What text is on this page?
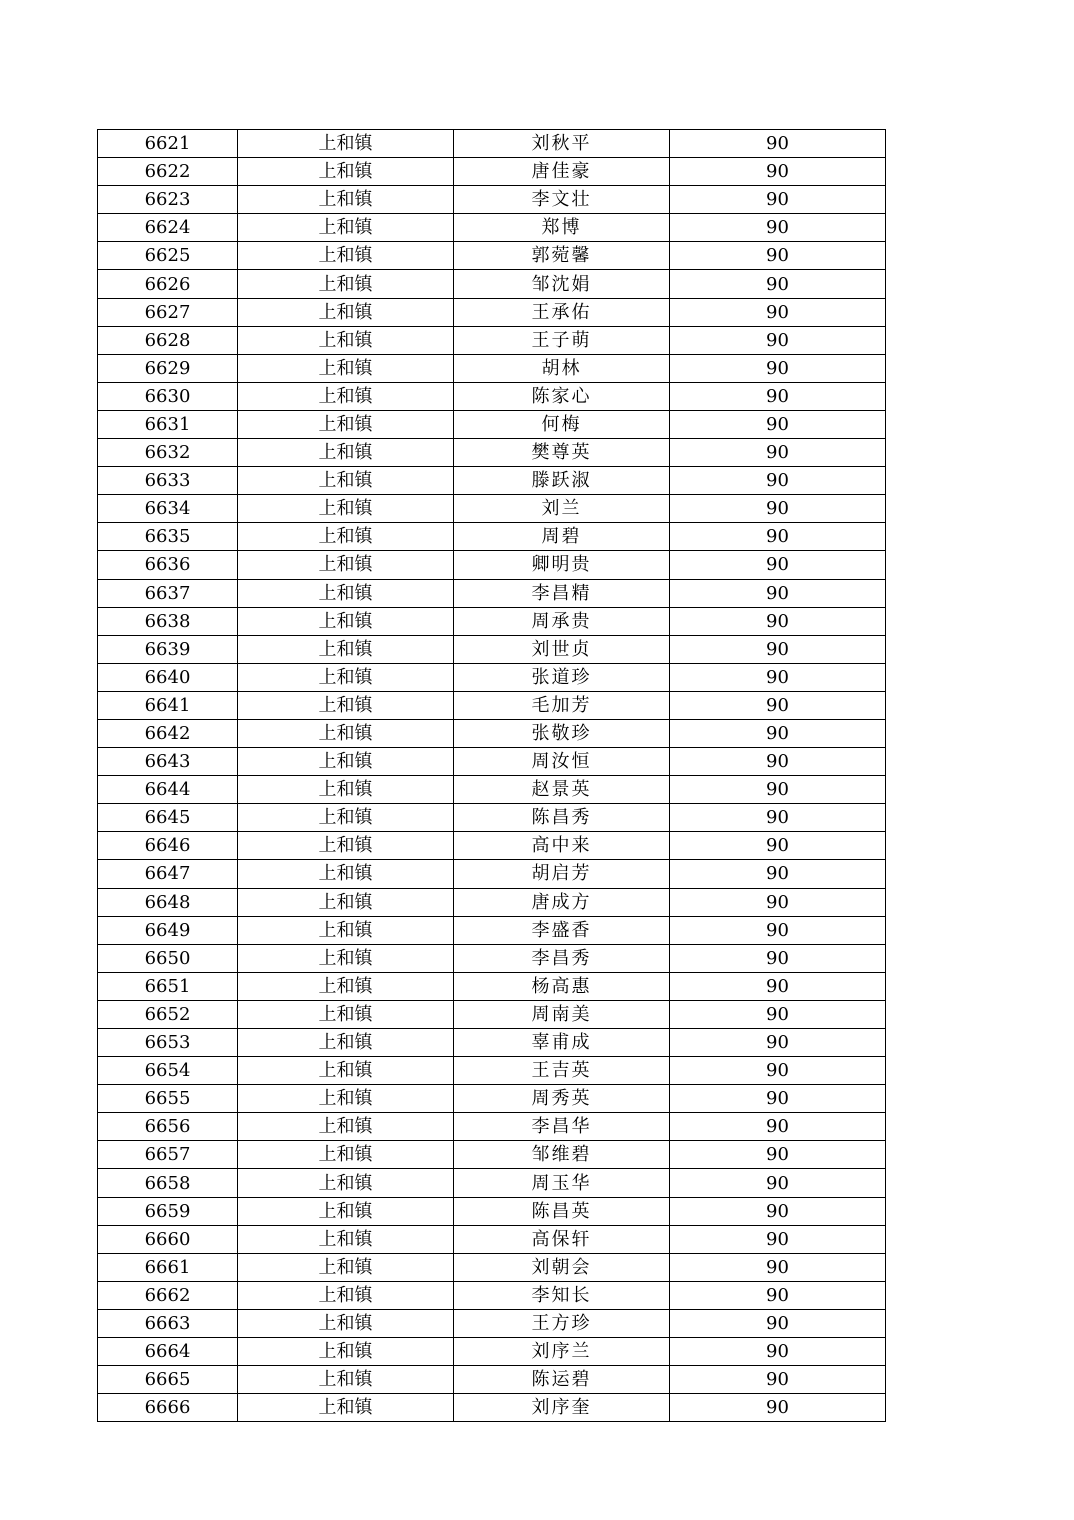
6621	上和镇	刘秋平	90
6622	上和镇	唐佳豪	90
6623	上和镇	李文壮	90
6624	上和镇	郑博	90
6625	上和镇	郭菀馨	90
6626	上和镇	邹沈娟	90
6627	上和镇	王承佑	90
6628	上和镇	王子萌	90
6629	上和镇	胡林	90
6630	上和镇	陈家心	90
6631	上和镇	何梅	90
6632	上和镇	樊尊英	90
6633	上和镇	滕跃淑	90
6634	上和镇	刘兰	90
6635	上和镇	周碧	90
6636	上和镇	卿明贵	90
6637	上和镇	李昌精	90
6638	上和镇	周承贵	90
6639	上和镇	刘世贞	90
6640	上和镇	张道珍	90
6641	上和镇	毛加芳	90
6642	上和镇	张敬珍	90
6643	上和镇	周汝恒	90
6644	上和镇	赵景英	90
6645	上和镇	陈昌秀	90
6646	上和镇	高中来	90
6647	上和镇	胡启芳	90
6648	上和镇	唐成方	90
6649	上和镇	李盛香	90
6650	上和镇	李昌秀	90
6651	上和镇	杨高惠	90
6652	上和镇	周南美	90
6653	上和镇	辜甫成	90
6654	上和镇	王吉英	90
6655	上和镇	周秀英	90
6656	上和镇	李昌华	90
6657	上和镇	邹维碧	90
6658	上和镇	周玉华	90
6659	上和镇	陈昌英	90
6660	上和镇	高保轩	90
6661	上和镇	刘朝会	90
6662	上和镇	李知长	90
6663	上和镇	王方珍	90
6664	上和镇	刘序兰	90
6665	上和镇	陈运碧	90
6666	上和镇	刘序奎	90
